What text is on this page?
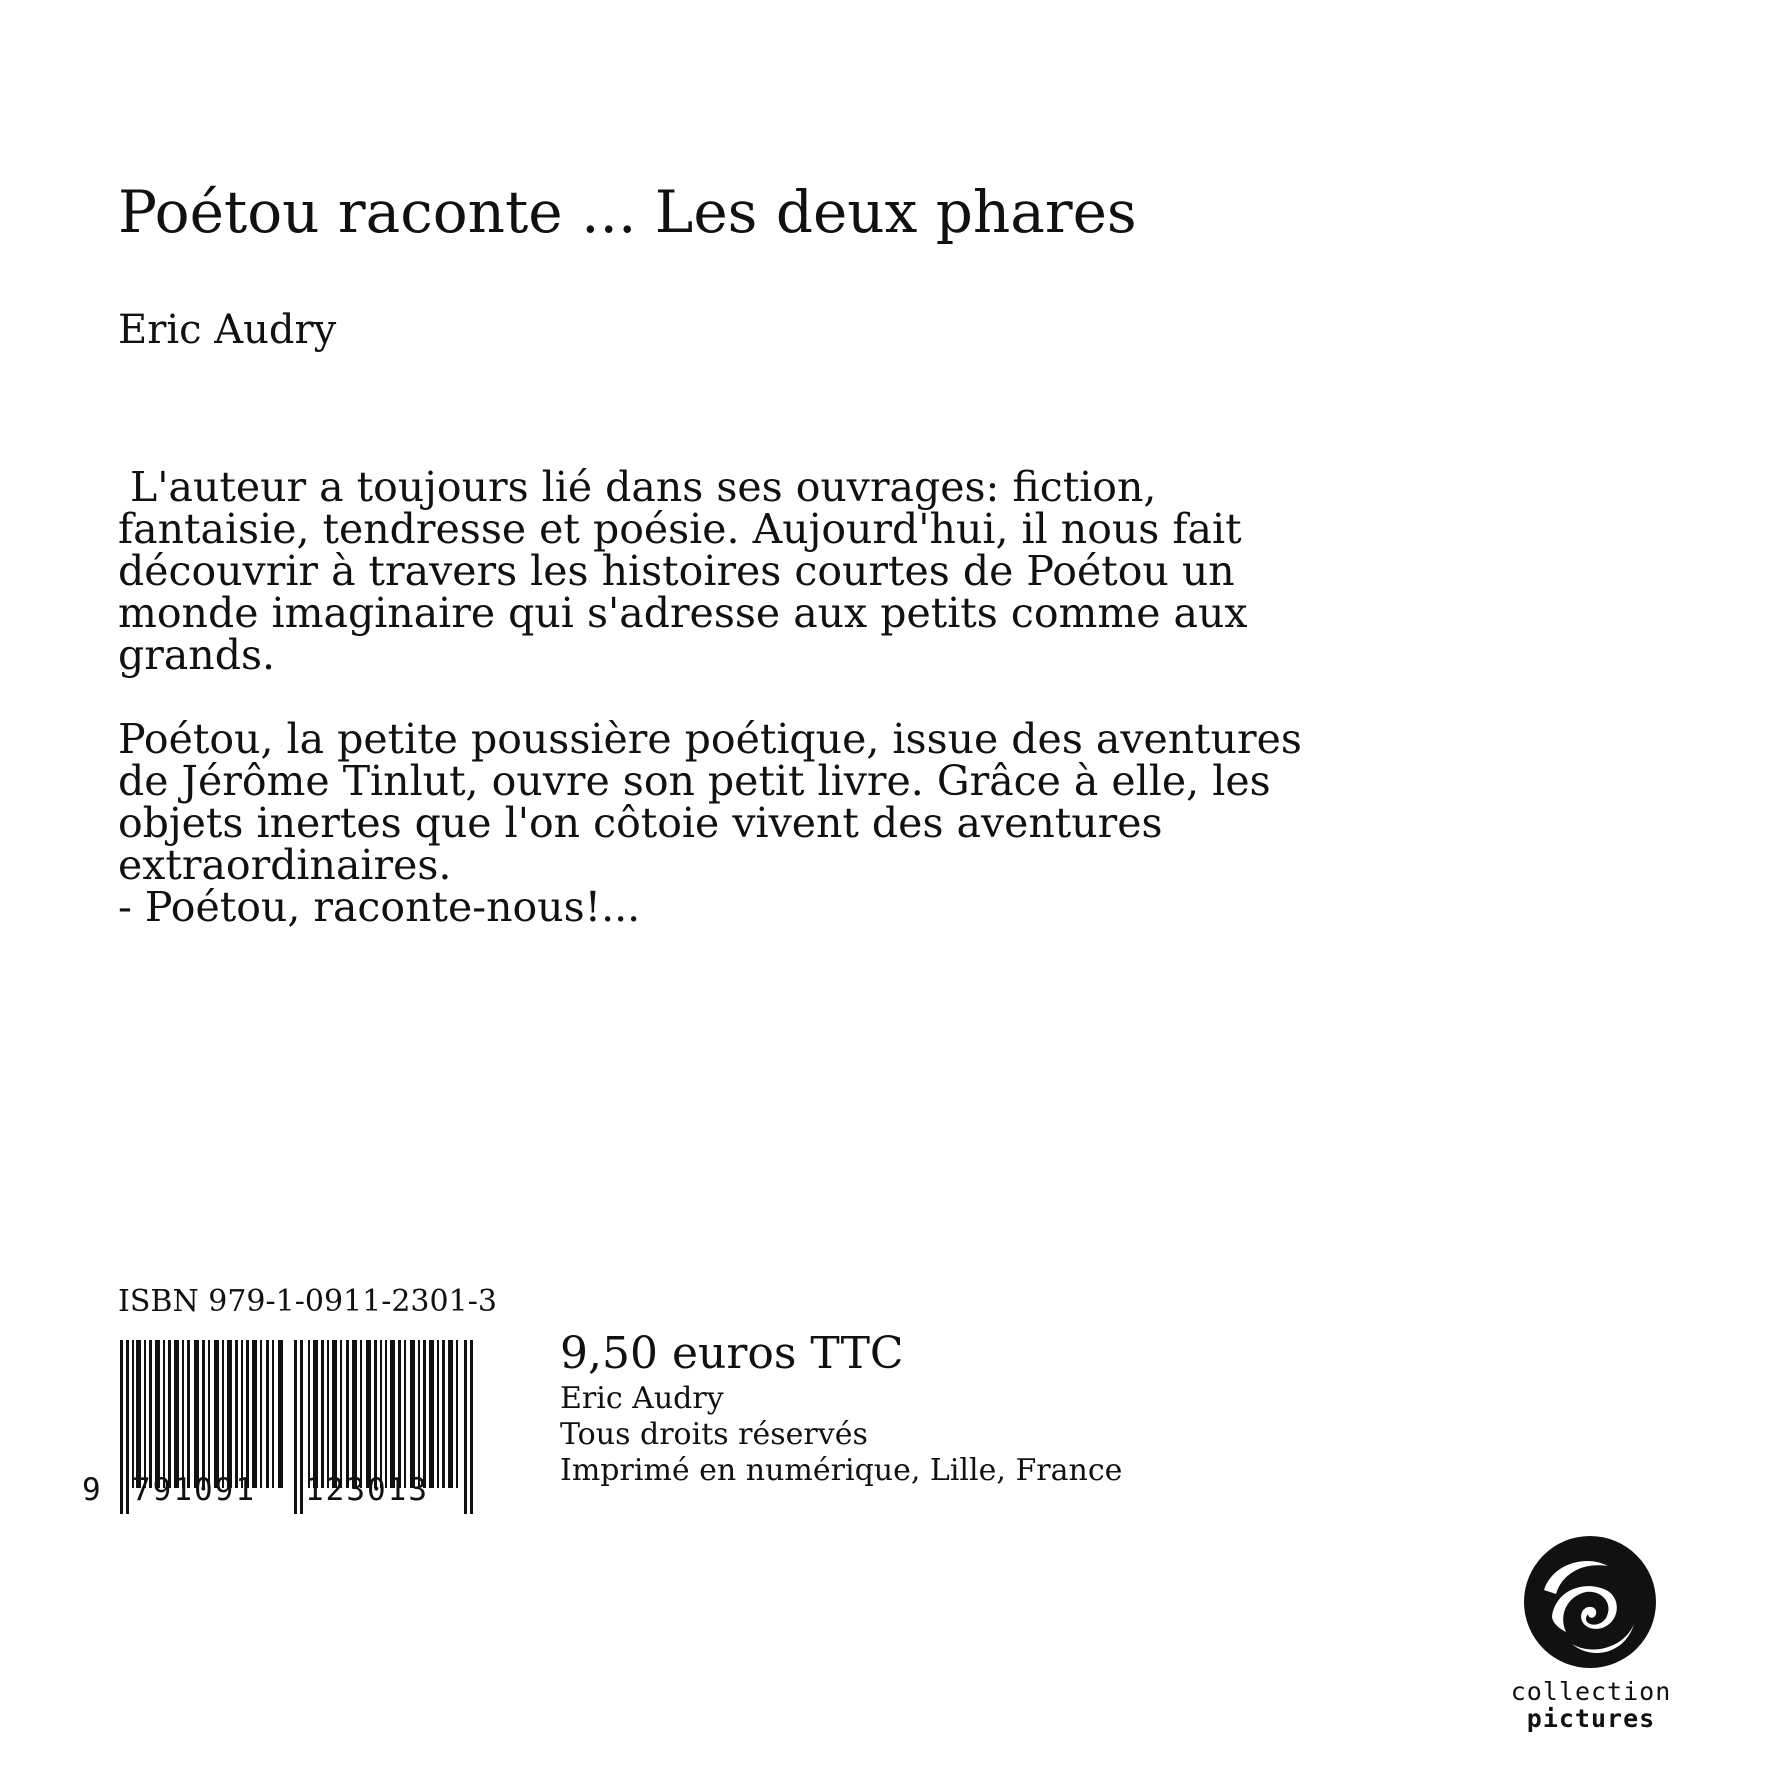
Poétou raconte ... Les deux phares
Eric Audry

L'auteur a toujours lié dans ses ouvrages: fiction, fantaisie, tendresse et poésie. Aujourd'hui, il nous fait découvrir à travers les histoires courtes de Poétou un monde imaginaire qui s'adresse aux petits comme aux grands.

Poétou, la petite poussière poétique, issue des aventures de Jérôme Tinlut, ouvre son petit livre. Grâce à elle, les objets inertes que l'on côtoie vivent des aventures extraordinaires.

- Poétou, raconte-nous!...

ISBN 979-1-0911-2301-3
9 791091 123013
9,50 euros TTC
Eric Audry
Tous droits réservés
Imprimé en numérique, Lille, France
collection
pictures
